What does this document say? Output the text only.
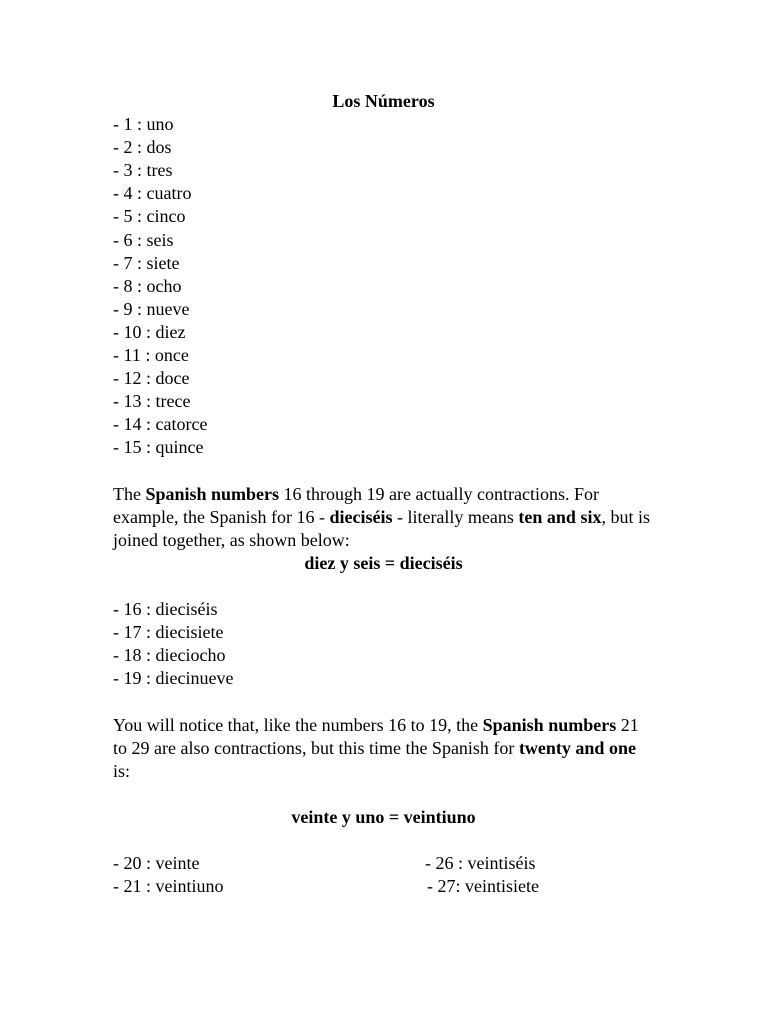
Los Números
- 1 : uno
- 2 : dos
- 3 : tres
- 4 : cuatro
- 5 : cinco
- 6 : seis
- 7 : siete
- 8 : ocho
- 9 : nueve
- 10 : diez
- 11 : once
- 12 : doce
- 13 : trece
- 14 : catorce
- 15 : quince

The Spanish numbers 16 through 19 are actually contractions. For example, the Spanish for 16 - dieciséis - literally means ten and six, but is joined together, as shown below:

diez y seis = dieciséis
- 16 : dieciséis
- 17 : diecisiete
- 18 : dieciocho
- 19 : diecinueve

You will notice that, like the numbers 16 to 19, the Spanish numbers 21 to 29 are also contractions, but this time the Spanish for twenty and one is:

veinte y uno = veintiuno
- 20 : veinte
- 21 : veintiuno
- 26 : veintiséis
- 27: veintisiete
